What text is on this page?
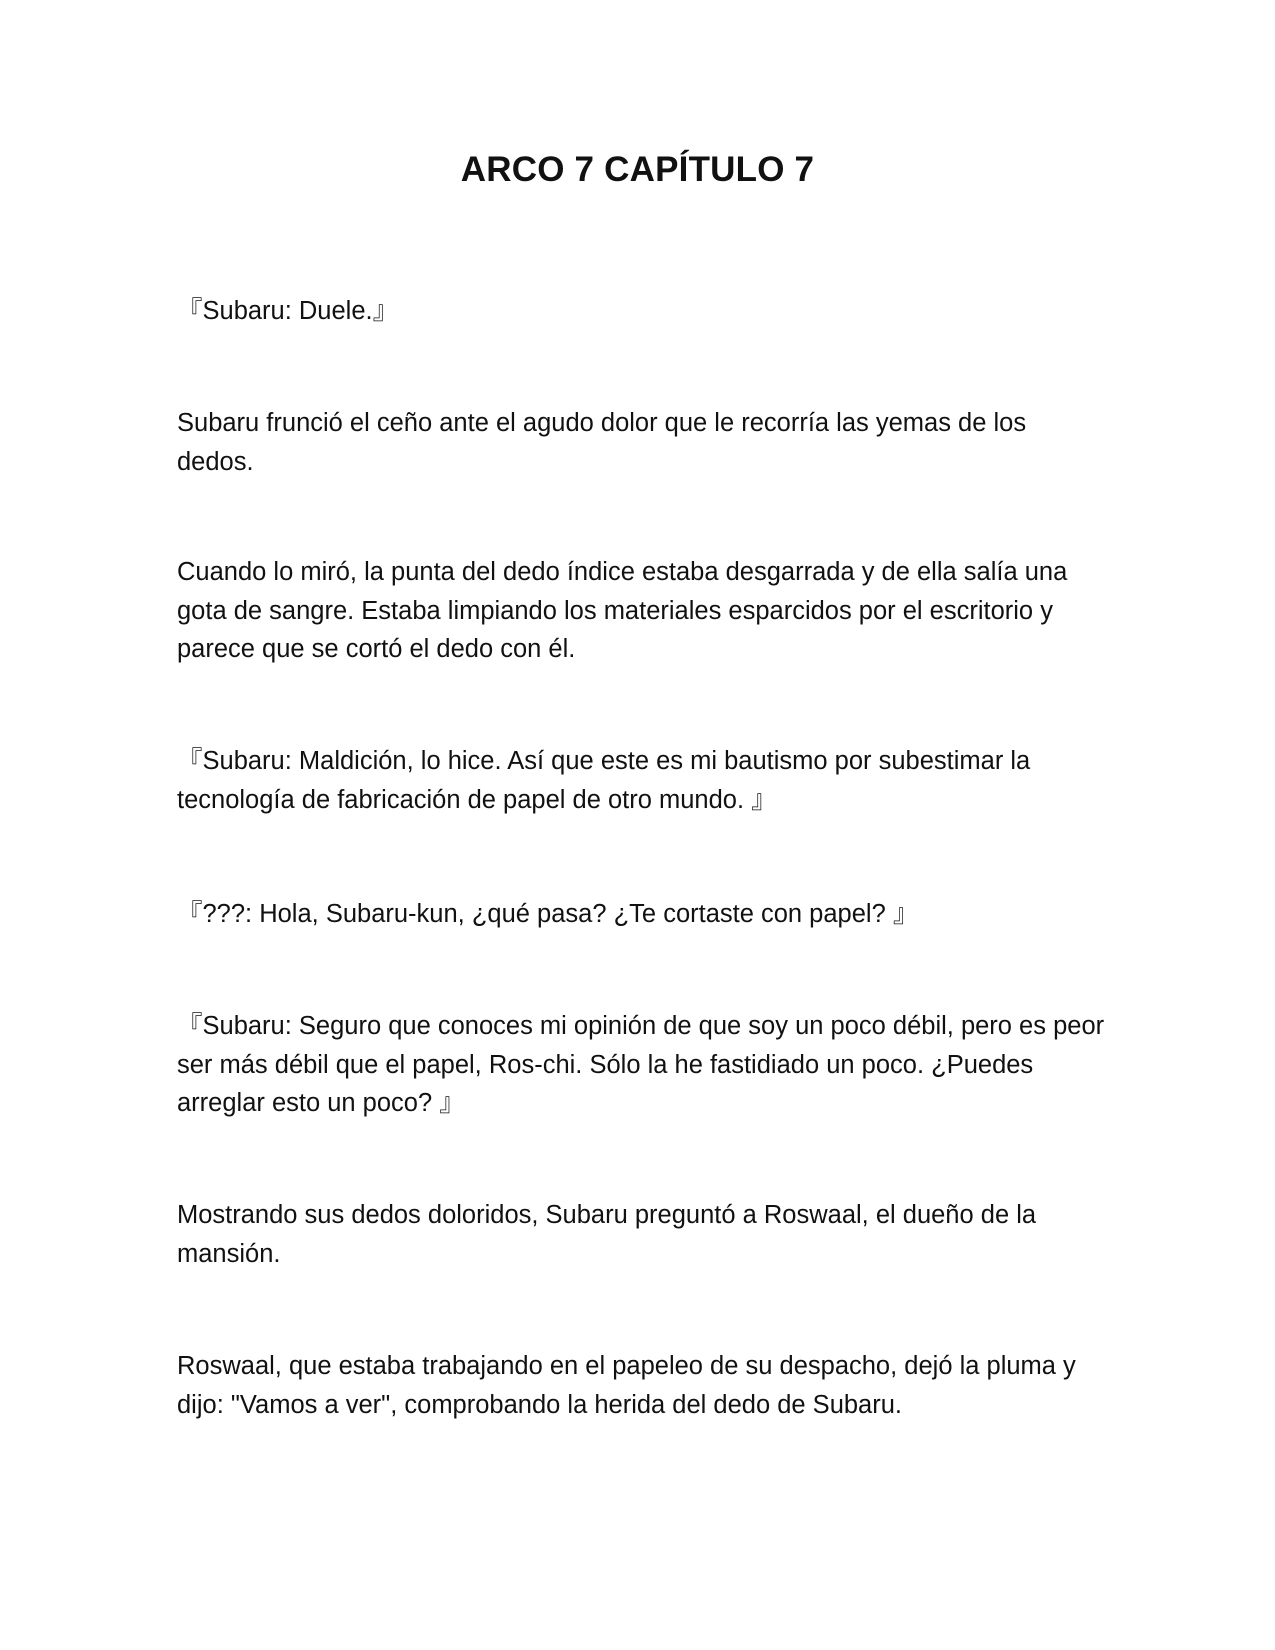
ARCO 7 CAPÍTULO 7
『Subaru: Duele.』
Subaru frunció el ceño ante el agudo dolor que le recorría las yemas de los dedos.
Cuando lo miró, la punta del dedo índice estaba desgarrada y de ella salía una gota de sangre. Estaba limpiando los materiales esparcidos por el escritorio y parece que se cortó el dedo con él.
『Subaru: Maldición, lo hice. Así que este es mi bautismo por subestimar la tecnología de fabricación de papel de otro mundo. 』
『???: Hola, Subaru-kun, ¿qué pasa? ¿Te cortaste con papel? 』
『Subaru: Seguro que conoces mi opinión de que soy un poco débil, pero es peor ser más débil que el papel, Ros-chi. Sólo la he fastidiado un poco. ¿Puedes arreglar esto un poco? 』
Mostrando sus dedos doloridos, Subaru preguntó a Roswaal, el dueño de la mansión.
Roswaal, que estaba trabajando en el papeleo de su despacho, dejó la pluma y dijo: "Vamos a ver", comprobando la herida del dedo de Subaru.
